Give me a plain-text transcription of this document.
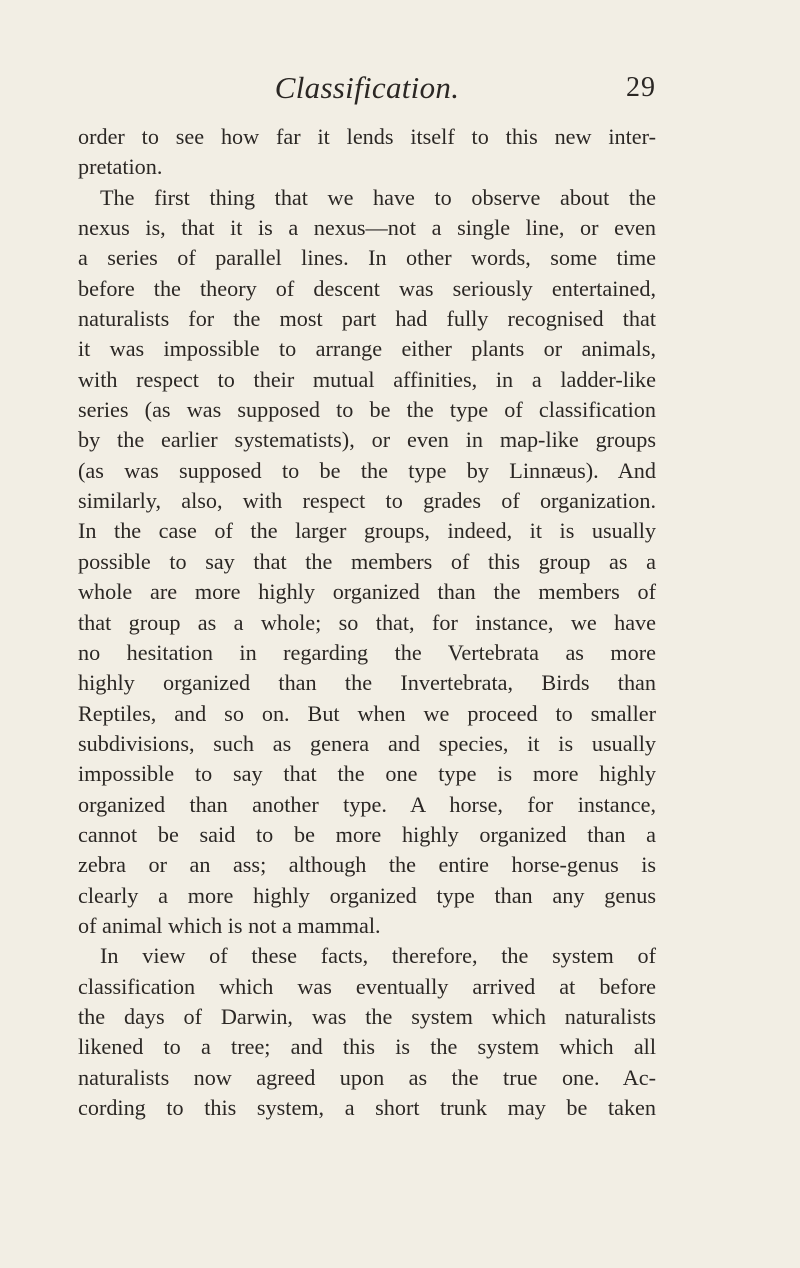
Classification.	29
order to see how far it lends itself to this new inter-
pretation.
The first thing that we have to observe about the
nexus is, that it is a nexus—not a single line, or even
a series of parallel lines. In other words, some time
before the theory of descent was seriously entertained,
naturalists for the most part had fully recognised that
it was impossible to arrange either plants or animals,
with respect to their mutual affinities, in a ladder-like
series (as was supposed to be the type of classification
by the earlier systematists), or even in map-like groups
(as was supposed to be the type by Linnæus). And
similarly, also, with respect to grades of organization.
In the case of the larger groups, indeed, it is usually
possible to say that the members of this group as a
whole are more highly organized than the members of
that group as a whole; so that, for instance, we have
no hesitation in regarding the Vertebrata as more
highly organized than the Invertebrata, Birds than
Reptiles, and so on. But when we proceed to smaller
subdivisions, such as genera and species, it is usually
impossible to say that the one type is more highly
organized than another type. A horse, for instance,
cannot be said to be more highly organized than a
zebra or an ass; although the entire horse-genus is
clearly a more highly organized type than any genus
of animal which is not a mammal.
In view of these facts, therefore, the system of
classification which was eventually arrived at before
the days of Darwin, was the system which naturalists
likened to a tree; and this is the system which all
naturalists now agreed upon as the true one. Ac-
cording to this system, a short trunk may be taken
